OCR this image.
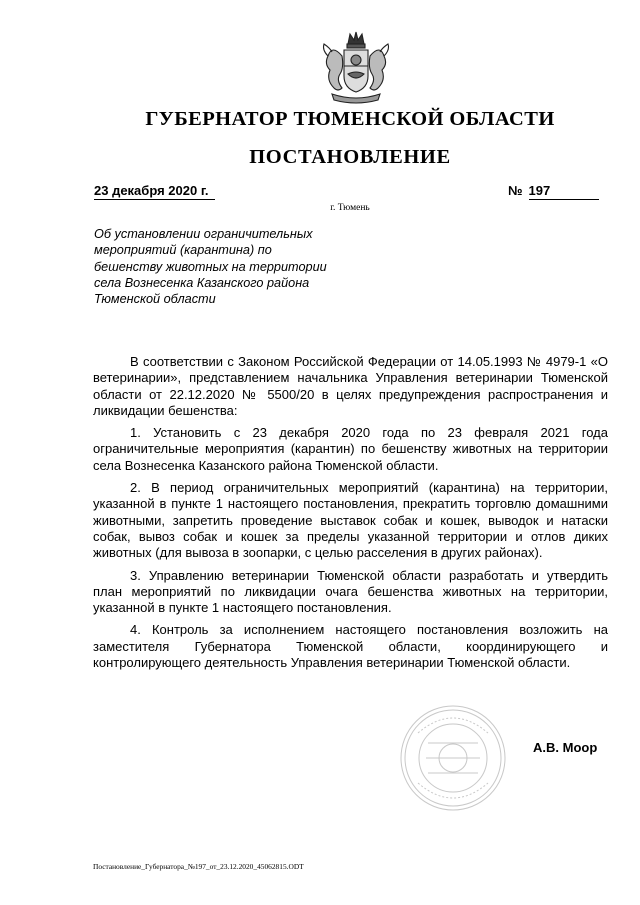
ГУБЕРНАТОР ТЮМЕНСКОЙ ОБЛАСТИ
ПОСТАНОВЛЕНИЕ
23 декабря 2020 г.	№ 197
г. Тюмень
Об установлении ограничительных
мероприятий (карантина) по
бешенству животных на территории
села Вознесенка Казанского района
Тюменской области

В соответствии с Законом Российской Федерации от 14.05.1993 № 4979-1 «О ветеринарии», представлением начальника Управления ветеринарии Тюменской области от 22.12.2020 № 5500/20 в целях предупреждения распространения и ликвидации бешенства:

1. Установить с 23 декабря 2020 года по 23 февраля 2021 года ограничительные мероприятия (карантин) по бешенству животных на территории села Вознесенка Казанского района Тюменской области.

2. В период ограничительных мероприятий (карантина) на территории, указанной в пункте 1 настоящего постановления, прекратить торговлю домашними животными, запретить проведение выставок собак и кошек, выводок и натаски собак, вывоз собак и кошек за пределы указанной территории и отлов диких животных (для вывоза в зоопарки, с целью расселения в других районах).

3. Управлению ветеринарии Тюменской области разработать и утвердить план мероприятий по ликвидации очага бешенства животных на территории, указанной в пункте 1 настоящего постановления.

4. Контроль за исполнением настоящего постановления возложить на заместителя Губернатора Тюменской области, координирующего и контролирующего деятельность Управления ветеринарии Тюменской области.

А.В. Моор
Постановление_Губернатора_№197_от_23.12.2020_45062815.ODT
